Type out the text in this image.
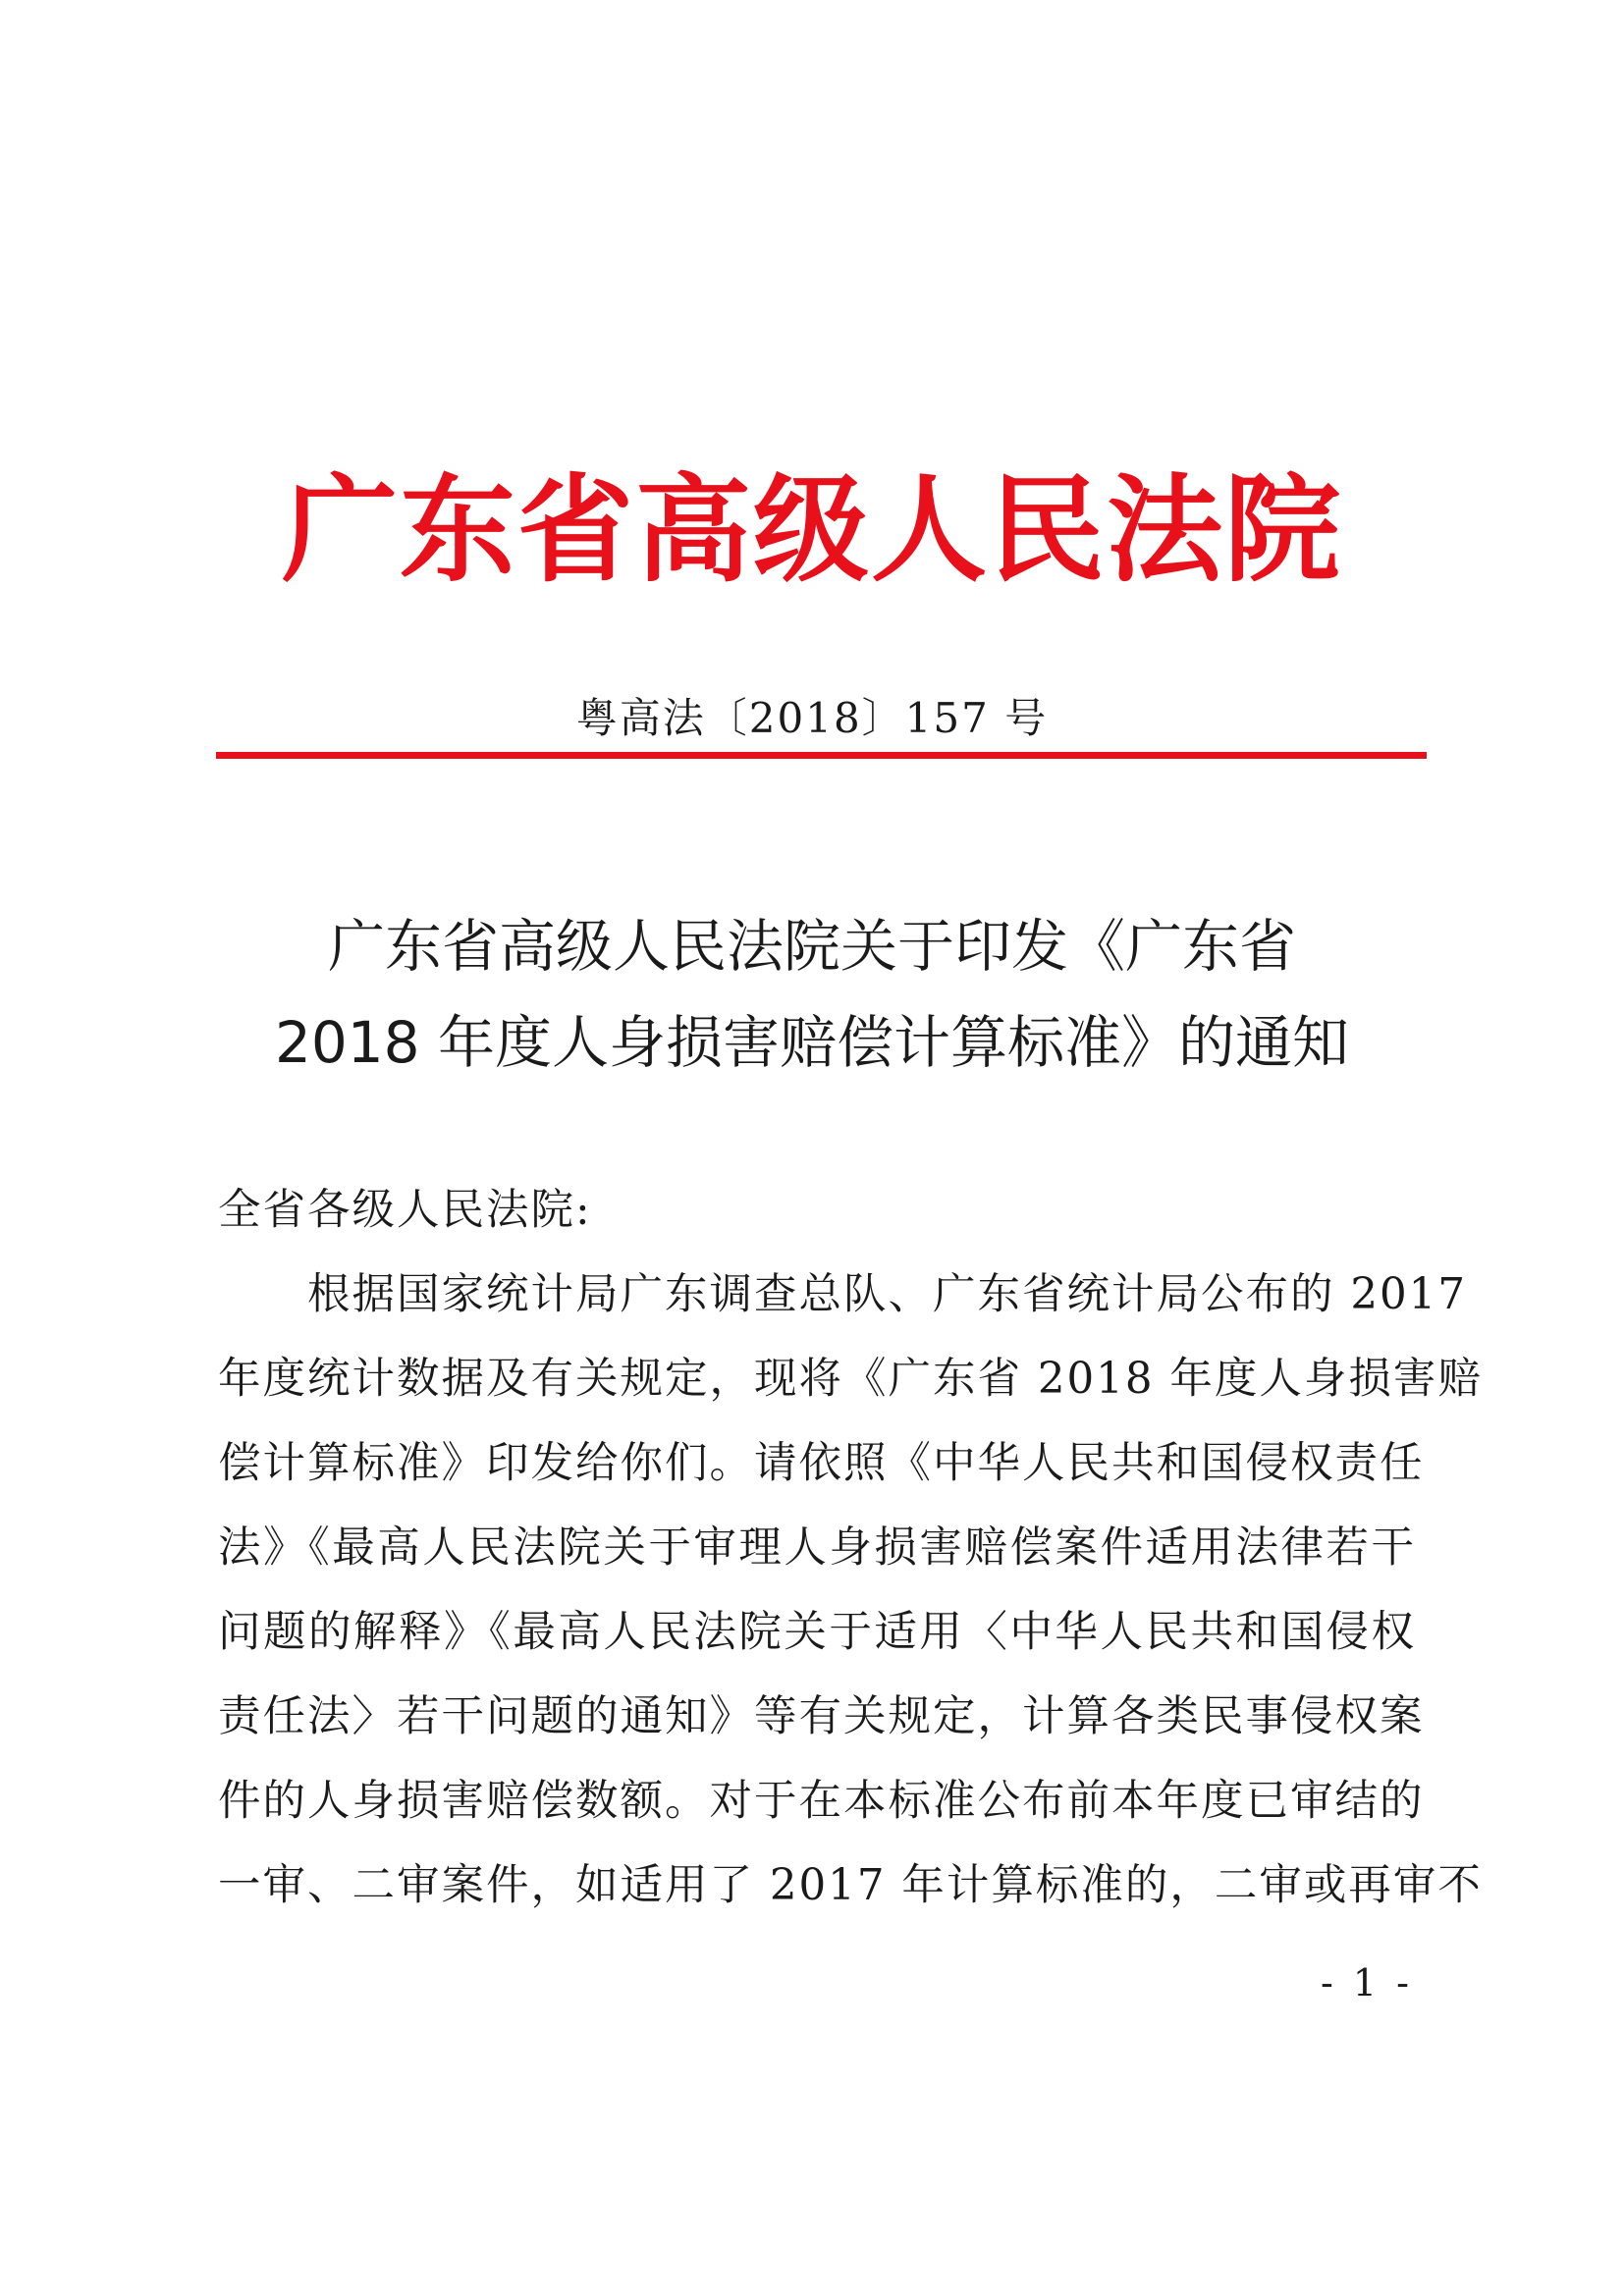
广东省高级人民法院
粤高法〔2018〕157 号
广东省高级人民法院关于印发《广东省
2018 年度人身损害赔偿计算标准》的通知
全省各级人民法院:
　　根据国家统计局广东调查总队、广东省统计局公布的 2017
年度统计数据及有关规定，现将《广东省 2018 年度人身损害赔
偿计算标准》印发给你们。请依照《中华人民共和国侵权责任
法》《最高人民法院关于审理人身损害赔偿案件适用法律若干
问题的解释》《最高人民法院关于适用〈中华人民共和国侵权
责任法〉若干问题的通知》等有关规定，计算各类民事侵权案
件的人身损害赔偿数额。对于在本标准公布前本年度已审结的
一审、二审案件，如适用了 2017 年计算标准的，二审或再审不
- 1 -
